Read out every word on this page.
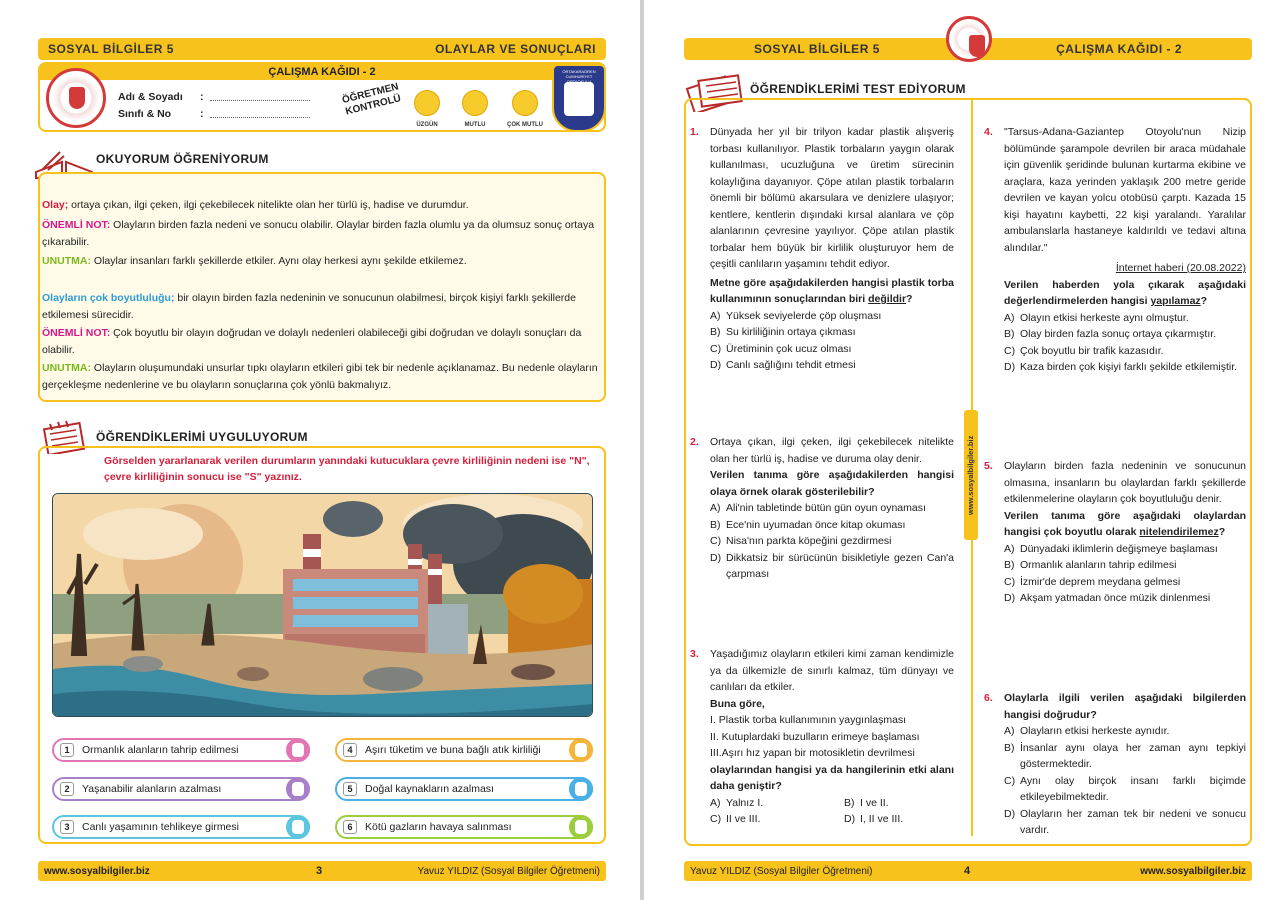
SOSYAL BİLGİLER 5	OLAYLAR VE SONUÇLARI
ÇALIŞMA KAĞIDI - 2
Adı & Soyadı :
Sınıfı & No	:
ÖĞRETMEN KONTROLÜ
ÜZGÜN	MUTLU	ÇOK MUTLU
ORTAKARAÖREN CUMHURİYET ORTAOKULU
OKUYORUM ÖĞRENİYORUM
Olay; ortaya çıkan, ilgi çeken, ilgi çekebilecek nitelikte olan her türlü iş, hadise ve durumdur.
ÖNEMLİ NOT: Olayların birden fazla nedeni ve sonucu olabilir. Olaylar birden fazla olumlu ya da olumsuz sonuç ortaya çıkarabilir.
UNUTMA: Olaylar insanları farklı şekillerde etkiler. Aynı olay herkesi aynı şekilde etkilemez.
Olayların çok boyutluluğu; bir olayın birden fazla nedeninin ve sonucunun olabilmesi, birçok kişiyi farklı şekillerde etkilemesi sürecidir.
ÖNEMLİ NOT: Çok boyutlu bir olayın doğrudan ve dolaylı nedenleri olabileceği gibi doğrudan ve dolaylı sonuçları da olabilir.
UNUTMA: Olayların oluşumundaki unsurlar tıpkı olayların etkileri gibi tek bir nedenle açıklanamaz. Bu nedenle olayların gerçekleşme nedenlerine ve bu olayların sonuçlarına çok yönlü bakmalıyız.
ÖĞRENDİKLERİMİ UYGULUYORUM
Görselden yararlanarak verilen durumların yanındaki kutucuklara çevre kirliliğinin nedeni ise "N", çevre kirliliğinin sonucu ise "S" yazınız.
1	Ormanlık alanların tahrip edilmesi
2	Yaşanabilir alanların azalması
3	Canlı yaşamının tehlikeye girmesi
4	Aşırı tüketim ve buna bağlı atık kirliliği
5	Doğal kaynakların azalması
6	Kötü gazların havaya salınması
www.sosyalbilgiler.biz	3	Yavuz YILDIZ (Sosyal Bilgiler Öğretmeni)
SOSYAL BİLGİLER 5	ÇALIŞMA KAĞIDI - 2
ÖĞRENDİKLERİMİ TEST EDİYORUM
www.sosyalbilgiler.biz
1. Dünyada her yıl bir trilyon kadar plastik alışveriş torbası kullanılıyor. Plastik torbaların yaygın olarak kullanılması, ucuzluğuna ve üretim sürecinin kolaylığına dayanıyor. Çöpe atılan plastik torbaların önemli bir bölümü akarsulara ve denizlere ulaşıyor; kentlere, kentlerin dışındaki kırsal alanlara ve çöp alanlarının çevresine yayılıyor. Çöpe atılan plastik torbalar hem büyük bir kirlilik oluşturuyor hem de çeşitli canlıların yaşamını tehdit ediyor.

Metne göre aşağıdakilerden hangisi plastik torba kullanımının sonuçlarından biri değildir?

A) Yüksek seviyelerde çöp oluşması

B) Su kirliliğinin ortaya çıkması

C) Üretiminin çok ucuz olması

D) Canlı sağlığını tehdit etmesi

2. Ortaya çıkan, ilgi çeken, ilgi çekebilecek nitelikte olan her türlü iş, hadise ve duruma olay denir.

Verilen tanıma göre aşağıdakilerden hangisi olaya örnek olarak gösterilebilir?

A) Ali'nin tabletinde bütün gün oyun oynaması

B) Ece'nin uyumadan önce kitap okuması

C) Nisa'nın parkta köpeğini gezdirmesi

D) Dikkatsiz bir sürücünün bisikletiyle gezen Can'a çarpması

3. Yaşadığımız olayların etkileri kimi zaman kendimizle ya da ülkemizle de sınırlı kalmaz, tüm dünyayı ve canlıları da etkiler.

Buna göre,

I. Plastik torba kullanımının yaygınlaşması

II. Kutuplardaki buzulların erimeye başlaması

III.Aşırı hız yapan bir motosikletin devrilmesi

olaylarından hangisi ya da hangilerinin etki alanı daha geniştir?

A) Yalnız I.	B) I ve II.

C) II ve III.	D) I, II ve III.

4. "Tarsus-Adana-Gaziantep Otoyolu'nun Nizip bölümünde şarampole devrilen bir araca müdahale için güvenlik şeridinde bulunan kurtarma ekibine ve araçlara, kaza yerinden yaklaşık 200 metre geride devrilen ve kayan yolcu otobüsü çarptı. Kazada 15 kişi hayatını kaybetti, 22 kişi yaralandı. Yaralılar ambulanslarla hastaneye kaldırıldı ve tedavi altına alındılar."

İnternet haberi (20.08.2022)

Verilen haberden yola çıkarak aşağıdaki değerlendirmelerden hangisi yapılamaz?

A) Olayın etkisi herkeste aynı olmuştur.

B) Olay birden fazla sonuç ortaya çıkarmıştır.

C) Çok boyutlu bir trafik kazasıdır.

D) Kaza birden çok kişiyi farklı şekilde etkilemiştir.

5. Olayların birden fazla nedeninin ve sonucunun olmasına, insanların bu olaylardan farklı şekillerde etkilenmelerine olayların çok boyutluluğu denir.

Verilen tanıma göre aşağıdaki olaylardan hangisi çok boyutlu olarak nitelendirilemez?

A) Dünyadaki iklimlerin değişmeye başlaması

B) Ormanlık alanların tahrip edilmesi

C) İzmir'de deprem meydana gelmesi

D) Akşam yatmadan önce müzik dinlenmesi

6. Olaylarla ilgili verilen aşağıdaki bilgilerden hangisi doğrudur?

A) Olayların etkisi herkeste aynıdır.

B) İnsanlar aynı olaya her zaman aynı tepkiyi göstermektedir.

C) Aynı olay birçok insanı farklı biçimde etkileyebilmektedir.

D) Olayların her zaman tek bir nedeni ve sonucu vardır.

Yavuz YILDIZ (Sosyal Bilgiler Öğretmeni)	4	www.sosyalbilgiler.biz
